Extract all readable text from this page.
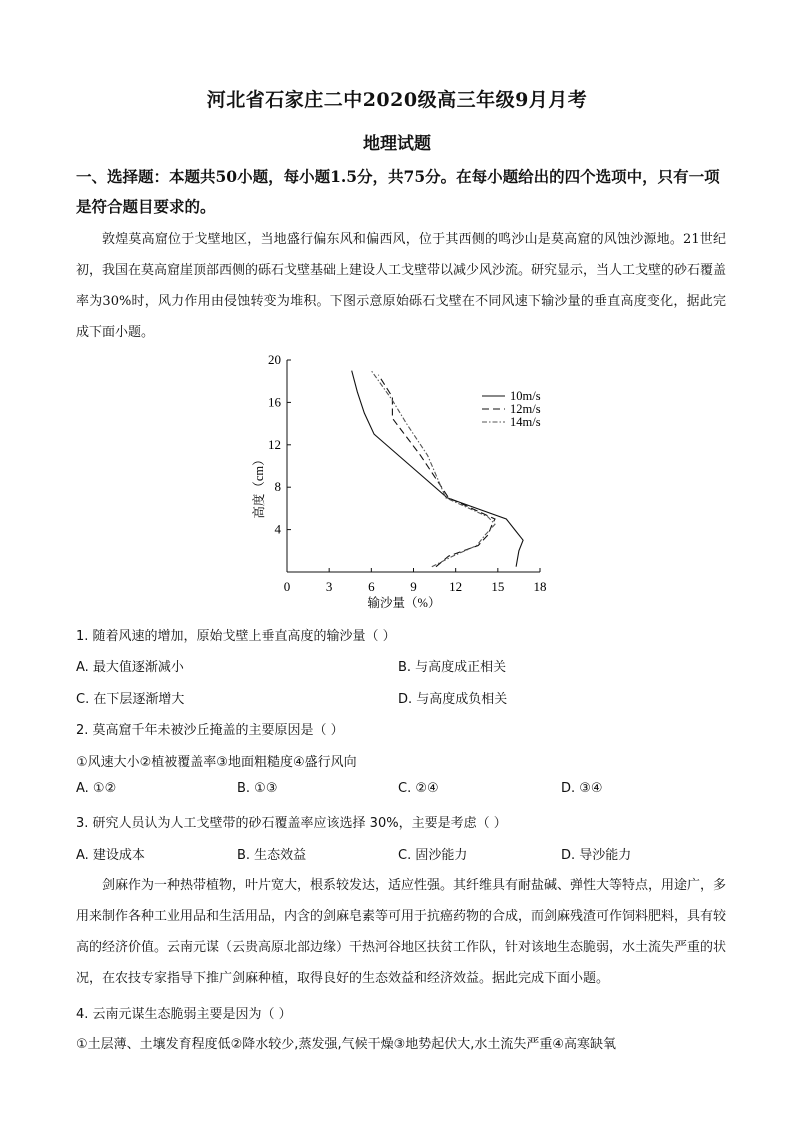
河北省石家庄二中2020级高三年级9月月考
地理试题
一、选择题：本题共50小题，每小题1.5分，共75分。在每小题给出的四个选项中，只有一项是符合题目要求的。
敦煌莫高窟位于戈壁地区，当地盛行偏东风和偏西风，位于其西侧的鸣沙山是莫高窟的风蚀沙源地。21世纪初，我国在莫高窟崖顶部西侧的砾石戈壁基础上建设人工戈壁带以减少风沙流。研究显示，当人工戈壁的砂石覆盖率为30%时，风力作用由侵蚀转变为堆积。下图示意原始砾石戈壁在不同风速下输沙量的垂直高度变化，据此完成下面小题。
0	3	6	9 12 15 18
4
8
12
16
20
输沙量（%）
高度（cm）
10m/s
12m/s
14m/s
1. 随着风速的增加，原始戈壁上垂直高度的输沙量（ ）
A. 最大值逐渐减小	B. 与高度成正相关
C. 在下层逐渐增大	D. 与高度成负相关
2. 莫高窟千年未被沙丘掩盖的主要原因是（ ）
①风速大小②植被覆盖率③地面粗糙度④盛行风向
A. ①②	B. ①③	C. ②④	D. ③④
3. 研究人员认为人工戈壁带的砂石覆盖率应该选择 30%，主要是考虑（ ）
A. 建设成本	B. 生态效益	C. 固沙能力	D. 导沙能力
剑麻作为一种热带植物，叶片宽大，根系较发达，适应性强。其纤维具有耐盐碱、弹性大等特点，用途广，多用来制作各种工业用品和生活用品，内含的剑麻皂素等可用于抗癌药物的合成，而剑麻残渣可作饲料肥料，具有较高的经济价值。云南元谋（云贵高原北部边缘）干热河谷地区扶贫工作队，针对该地生态脆弱，水土流失严重的状况，在农技专家指导下推广剑麻种植，取得良好的生态效益和经济效益。据此完成下面小题。
4. 云南元谋生态脆弱主要是因为（ ）
①土层薄、土壤发育程度低②降水较少,蒸发强,气候干燥③地势起伏大,水土流失严重④高寒缺氧
